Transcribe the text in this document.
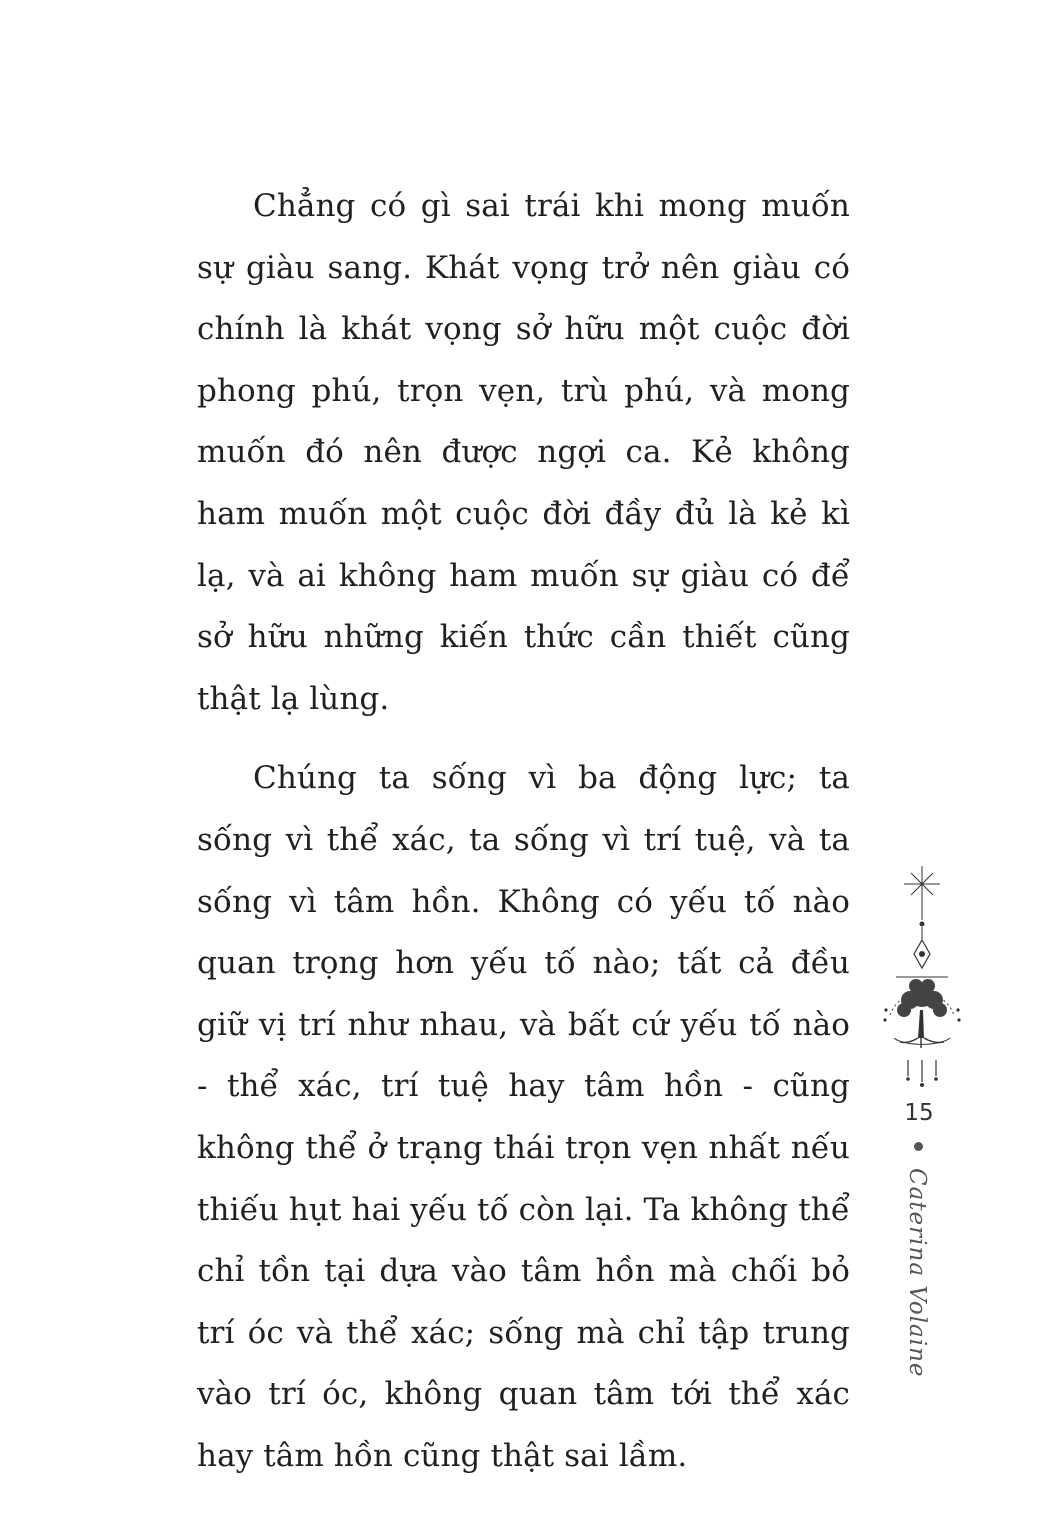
Chẳng có gì sai trái khi mong muốn sự giàu sang. Khát vọng trở nên giàu có chính là khát vọng sở hữu một cuộc đời phong phú, trọn vẹn, trù phú, và mong muốn đó nên được ngợi ca. Kẻ không ham muốn một cuộc đời đầy đủ là kẻ kì lạ, và ai không ham muốn sự giàu có để sở hữu những kiến thức cần thiết cũng thật lạ lùng.

Chúng ta sống vì ba động lực; ta sống vì thể xác, ta sống vì trí tuệ, và ta sống vì tâm hồn. Không có yếu tố nào quan trọng hơn yếu tố nào; tất cả đều giữ vị trí như nhau, và bất cứ yếu tố nào - thể xác, trí tuệ hay tâm hồn - cũng không thể ở trạng thái trọn vẹn nhất nếu thiếu hụt hai yếu tố còn lại. Ta không thể chỉ tồn tại dựa vào tâm hồn mà chối bỏ trí óc và thể xác; sống mà chỉ tập trung vào trí óc, không quan tâm tới thể xác hay tâm hồn cũng thật sai lầm.

15
Caterina Volaine
